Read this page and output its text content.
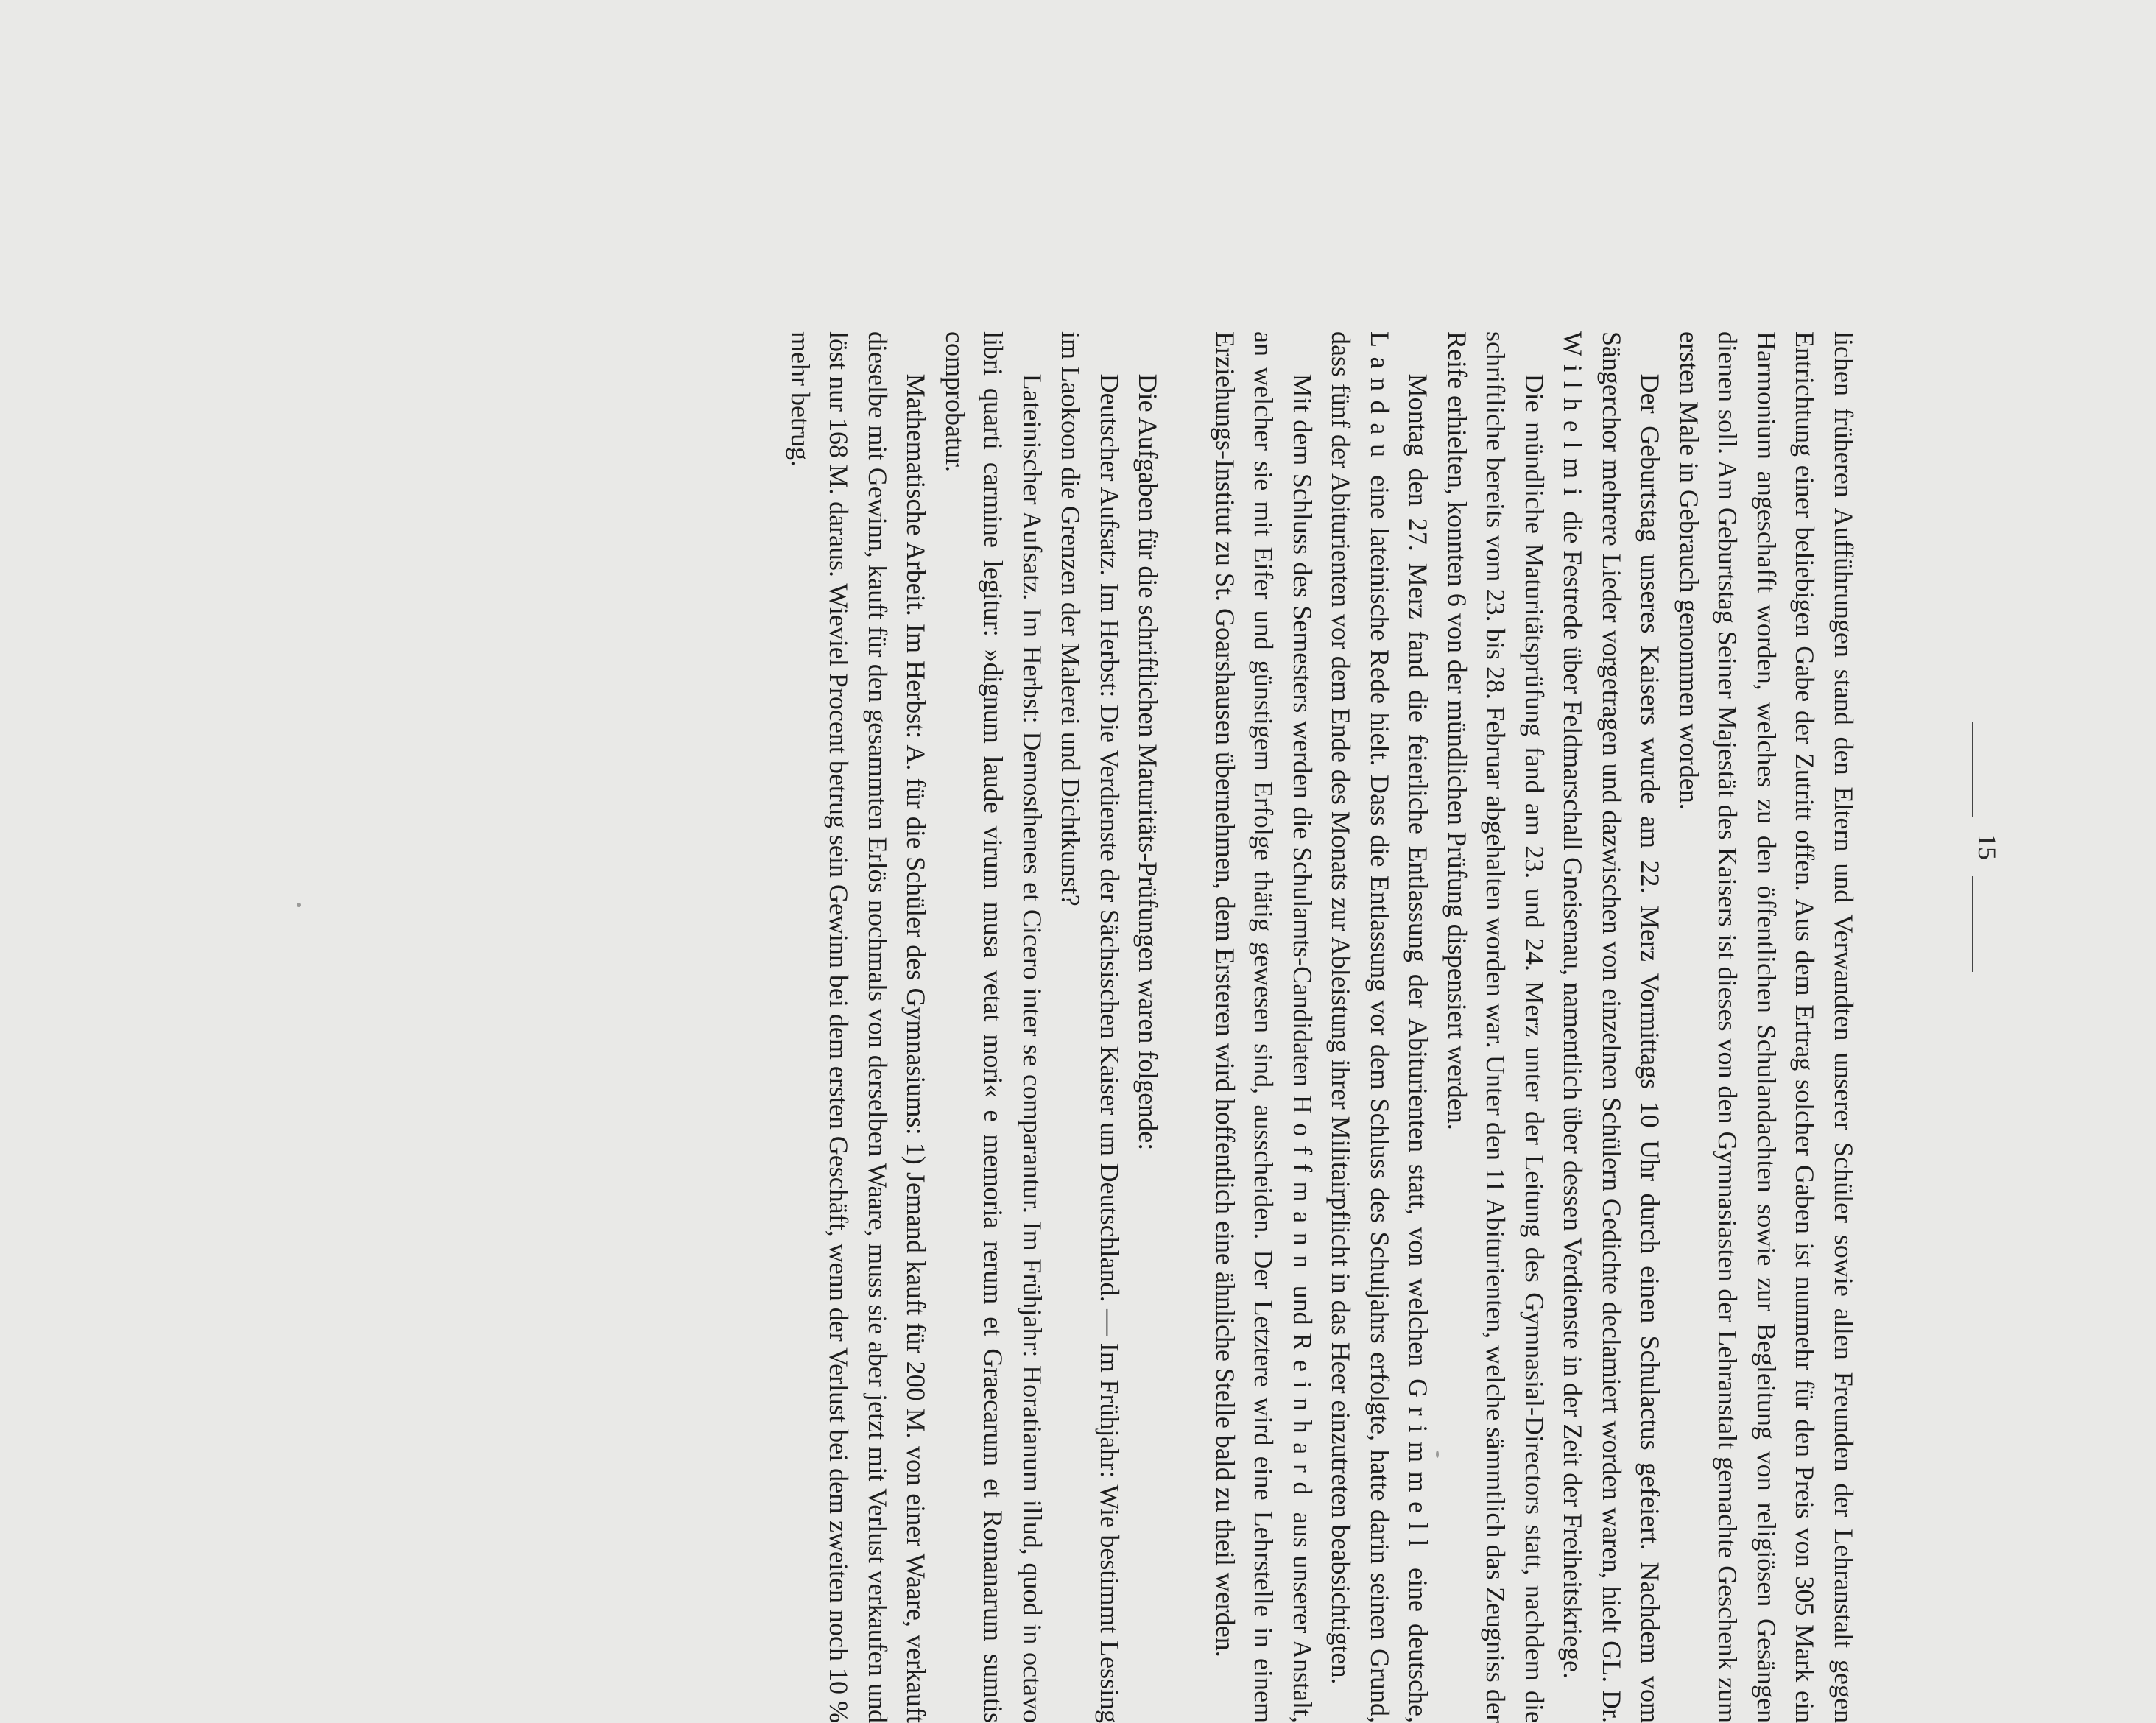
15

lichen früheren Aufführungen stand den Eltern und Verwandten unserer Schüler sowie allen Freunden der Lehranstalt gegen Entrichtung einer beliebigen Gabe der Zutritt offen. Aus dem Ertrag solcher Gaben ist nunmehr für den Preis von 305 Mark ein Harmonium angeschafft worden, welches zu den öffentlichen Schulandachten sowie zur Begleitung von religiösen Gesängen dienen soll. Am Geburtstag Seiner Majestät des Kaisers ist dieses von den Gymnasiasten der Lehranstalt gemachte Geschenk zum ersten Male in Gebrauch genommen worden.

Der Geburtstag unseres Kaisers wurde am 22. Merz Vormittags 10 Uhr durch einen Schulactus gefeiert. Nachdem vom Sängerchor mehrere Lieder vorgetragen und dazwischen von einzelnen Schülern Gedichte declamiert worden waren, hielt GL. Dr. Wilhelmi die Festrede über Feldmarschall Gneisenau, namentlich über dessen Verdienste in der Zeit der Freiheitskriege.

Die mündliche Maturitätsprüfung fand am 23. und 24. Merz unter der Leitung des Gymnasial-Directors statt, nachdem die schriftliche bereits vom 23. bis 28. Februar abgehalten worden war. Unter den 11 Abiturienten, welche sämmtlich das Zeugniss der Reife erhielten, konnten 6 von der mündlichen Prüfung dispensiert werden.

Montag den 27. Merz fand die feierliche Entlassung der Abiturienten statt, von welchen Grimmell eine deutsche, Landau eine lateinische Rede hielt. Dass die Entlassung vor dem Schluss des Schuljahrs erfolgte, hatte darin seinen Grund, dass fünf der Abiturienten vor dem Ende des Monats zur Ableistung ihrer Militairpflicht in das Heer einzutreten beabsichtigten.

Mit dem Schluss des Semesters werden die Schulamts-Candidaten Hoffmann und Reinhard aus unserer Anstalt, an welcher sie mit Eifer und günstigem Erfolge thätig gewesen sind, ausscheiden. Der Letztere wird eine Lehrstelle in einem Erziehungs-Institut zu St. Goarshausen übernehmen, dem Ersteren wird hoffentlich eine ähnliche Stelle bald zu theil werden.

Die Aufgaben für die schriftlichen Maturitäts-Prüfungen waren folgende:

Deutscher Aufsatz. Im Herbst: Die Verdienste der Sächsischen Kaiser um Deutschland. — Im Frühjahr: Wie bestimmt Lessing im Laokoon die Grenzen der Malerei und Dichtkunst?

Lateinischer Aufsatz. Im Herbst: Demosthenes et Cicero inter se comparantur. Im Frühjahr: Horatianum illud, quod in octavo libri quarti carmine legitur: »dignum laude virum musa vetat mori« e memoria rerum et Graecarum et Romanarum sumtis comprobatur.

Mathematische Arbeit. Im Herbst: A. für die Schüler des Gymnasiums: 1) Jemand kauft für 200 M. von einer Waare, verkauft dieselbe mit Gewinn, kauft für den gesammten Erlös nochmals von derselben Waare, muss sie aber jetzt mit Verlust verkaufen und löst nur 168 M. daraus. Wieviel Procent betrug sein Gewinn bei dem ersten Geschäft, wenn der Verlust bei dem zweiten noch 10 % mehr betrug.
